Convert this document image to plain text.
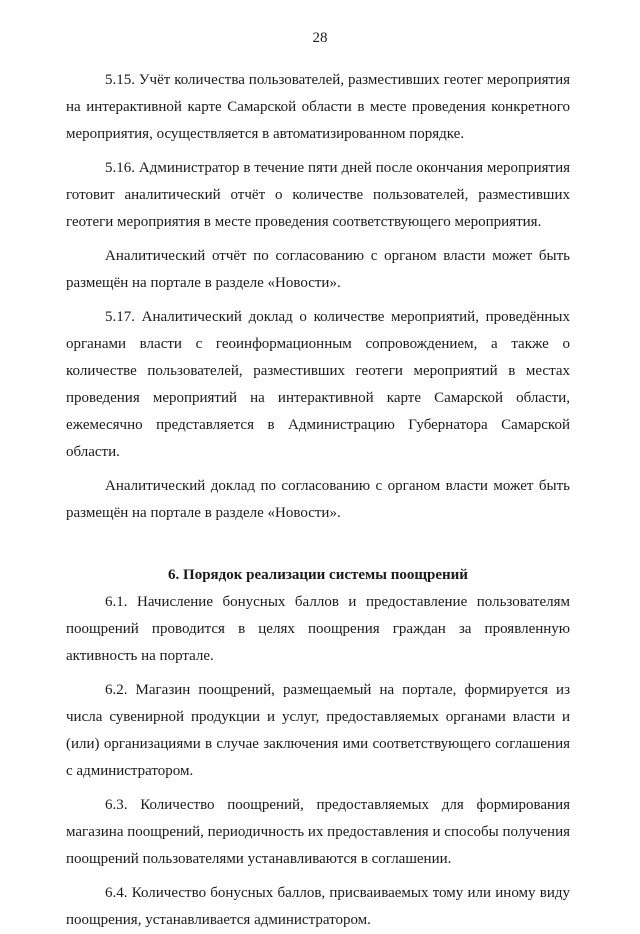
28

5.15. Учёт количества пользователей, разместивших геотег мероприятия на интерактивной карте Самарской области в месте проведения конкретного мероприятия, осуществляется в автоматизированном порядке.

5.16. Администратор в течение пяти дней после окончания мероприятия готовит аналитический отчёт о количестве пользователей, разместивших геотеги мероприятия в месте проведения соответствующего мероприятия.

Аналитический отчёт по согласованию с органом власти может быть размещён на портале в разделе «Новости».

5.17. Аналитический доклад о количестве мероприятий, проведённых органами власти с геоинформационным сопровождением, а также о количестве пользователей, разместивших геотеги мероприятий в местах проведения мероприятий на интерактивной карте Самарской области, ежемесячно представляется в Администрацию Губернатора Самарской области.

Аналитический доклад по согласованию с органом власти может быть размещён на портале в разделе «Новости».

6. Порядок реализации системы поощрений

6.1. Начисление бонусных баллов и предоставление пользователям поощрений проводится в целях поощрения граждан за проявленную активность на портале.

6.2. Магазин поощрений, размещаемый на портале, формируется из числа сувенирной продукции и услуг, предоставляемых органами власти и (или) организациями в случае заключения ими соответствующего соглашения с администратором.

6.3. Количество поощрений, предоставляемых для формирования магазина поощрений, периодичность их предоставления и способы получения поощрений пользователями устанавливаются в соглашении.

6.4. Количество бонусных баллов, присваиваемых тому или иному виду поощрения, устанавливается администратором.
